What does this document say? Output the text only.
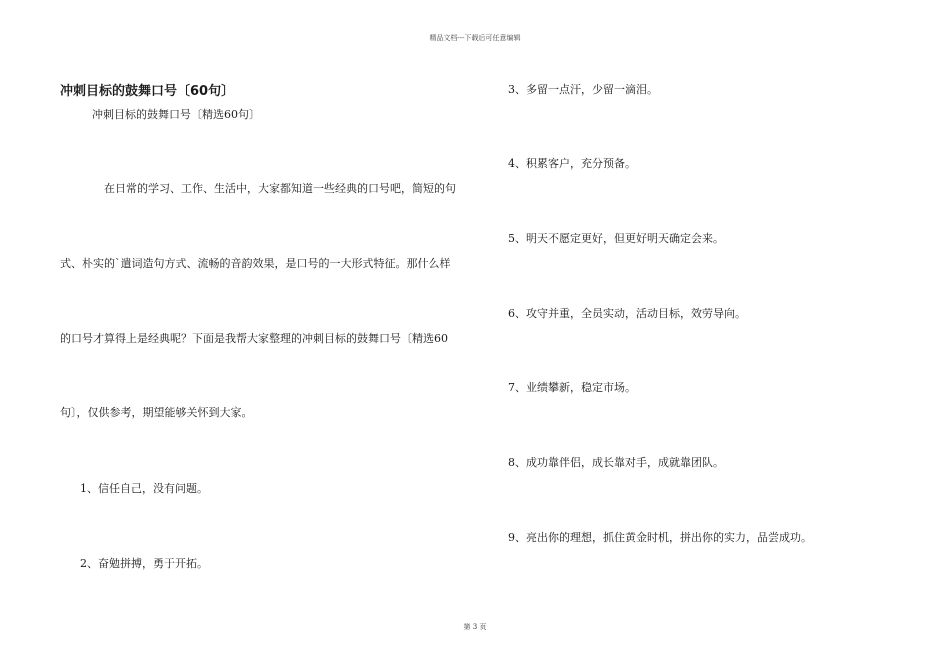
精品文档---下载后可任意编辑
冲刺目标的鼓舞口号〔60句〕
冲刺目标的鼓舞口号〔精选60句〕
在日常的学习、工作、生活中，大家都知道一些经典的口号吧，简短的句
式、朴实的`遣词造句方式、流畅的音韵效果，是口号的一大形式特征。那什么样
的口号才算得上是经典呢？下面是我帮大家整理的冲刺目标的鼓舞口号〔精选60
句〕，仅供参考，期望能够关怀到大家。
1、信任自己，没有问题。
2、奋勉拼搏，勇于开拓。
3、多留一点汗，少留一滴泪。
4、积累客户，充分预备。
5、明天不愿定更好，但更好明天确定会来。
6、攻守并重，全员实动，活动目标，效劳导向。
7、业绩攀新，稳定市场。
8、成功靠伴侣，成长靠对手，成就靠团队。
9、亮出你的理想，抓住黄金时机，拼出你的实力，品尝成功。
第 3 页
